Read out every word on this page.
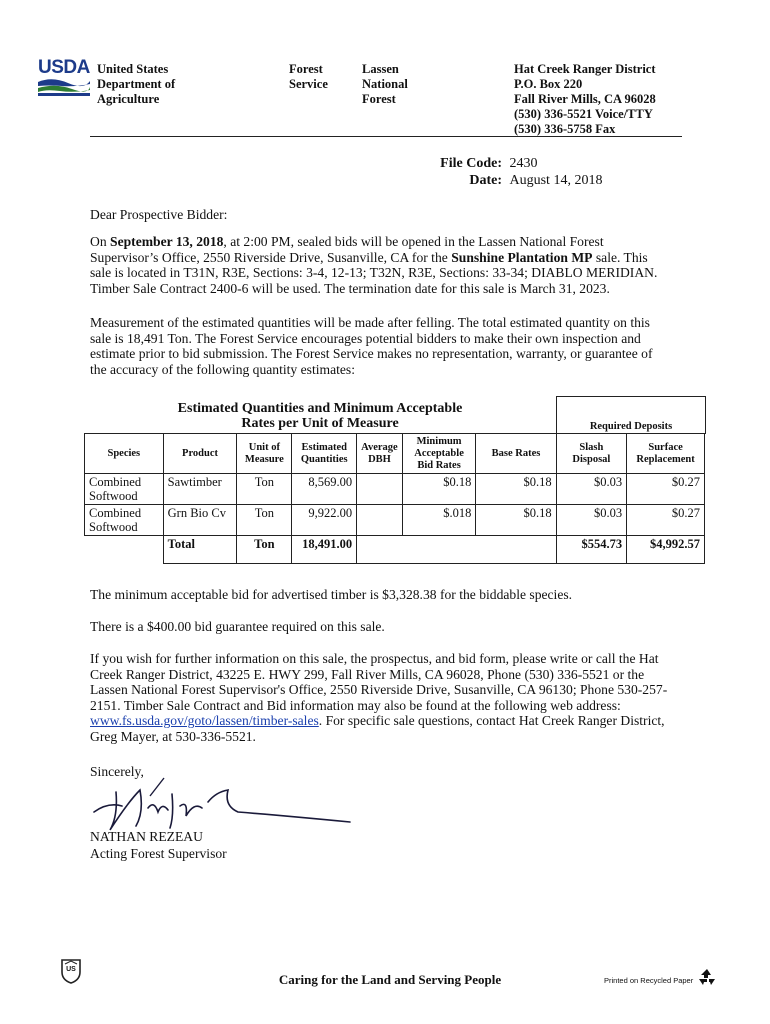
USDA United States
Department of
Agriculture
Forest
Service
Lassen
National
Forest
Hat Creek Ranger District
P.O. Box 220
Fall River Mills, CA 96028
(530) 336-5521 Voice/TTY
(530) 336-5758 Fax
File Code: 2430
Date: August 14, 2018
Dear Prospective Bidder:
On September 13, 2018, at 2:00 PM, sealed bids will be opened in the Lassen National Forest Supervisor’s Office, 2550 Riverside Drive, Susanville, CA for the Sunshine Plantation MP sale. This sale is located in T31N, R3E, Sections: 3-4, 12-13; T32N, R3E, Sections: 33-34; DIABLO MERIDIAN. Timber Sale Contract 2400-6 will be used. The termination date for this sale is March 31, 2023.
Measurement of the estimated quantities will be made after felling. The total estimated quantity on this sale is 18,491 Ton. The Forest Service encourages potential bidders to make their own inspection and estimate prior to bid submission. The Forest Service makes no representation, warranty, or guarantee of the accuracy of the following quantity estimates:
Estimated Quantities and Minimum Acceptable
Rates per Unit of Measure	Required Deposits
Species	Product	Unit of Measure	Estimated Quantities	Average DBH	Minimum Acceptable Bid Rates	Base Rates	Slash Disposal	Surface Replacement
Combined Softwood	Sawtimber	Ton	8,569.00		$0.18	$0.18	$0.03	$0.27
Combined Softwood	Grn Bio Cv	Ton	9,922.00		$.018	$0.18	$0.03	$0.27
	Total	Ton	18,491.00				$554.73	$4,992.57
The minimum acceptable bid for advertised timber is $3,328.38 for the biddable species.
There is a $400.00 bid guarantee required on this sale.
If you wish for further information on this sale, the prospectus, and bid form, please write or call the Hat Creek Ranger District, 43225 E. HWY 299, Fall River Mills, CA 96028, Phone (530) 336-5521 or the Lassen National Forest Supervisor's Office, 2550 Riverside Drive, Susanville, CA 96130; Phone 530-257-2151. Timber Sale Contract and Bid information may also be found at the following web address: www.fs.usda.gov/goto/lassen/timber-sales. For specific sale questions, contact Hat Creek Ranger District, Greg Mayer, at 530-336-5521.
Sincerely,
NATHAN REZEAU
Acting Forest Supervisor
US
Caring for the Land and Serving People	Printed on Recycled Paper
